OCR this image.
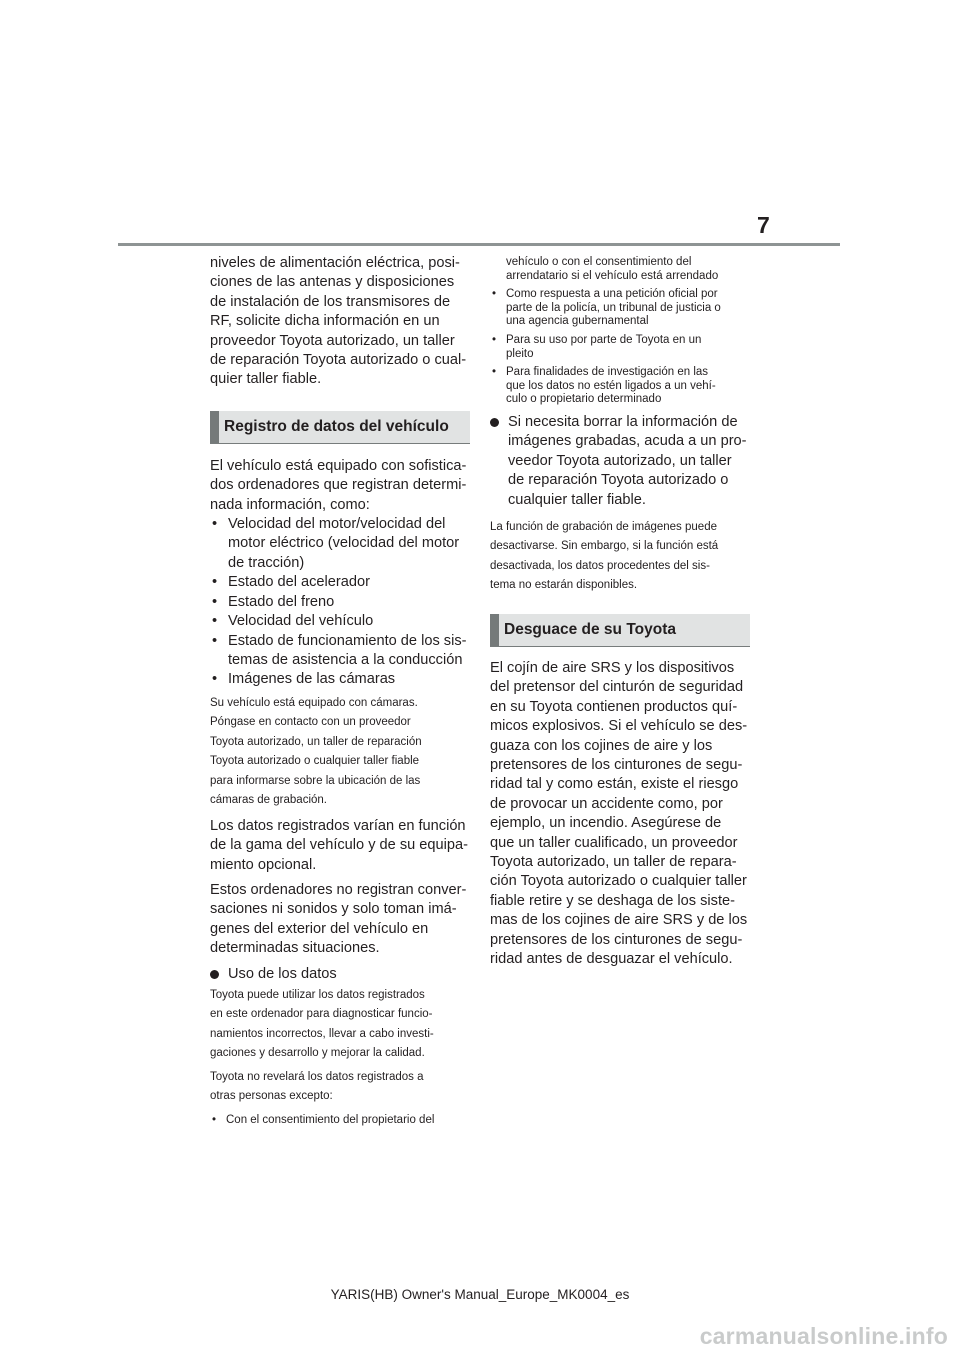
7

niveles de alimentación eléctrica, posi-
ciones de las antenas y disposiciones
de instalación de los transmisores de
RF, solicite dicha información en un
proveedor Toyota autorizado, un taller
de reparación Toyota autorizado o cual-
quier taller fiable.

Registro de datos del vehículo

El vehículo está equipado con sofistica-
dos ordenadores que registran determi-
nada información, como:

• Velocidad del motor/velocidad del
motor eléctrico (velocidad del motor
de tracción)
• Estado del acelerador
• Estado del freno
• Velocidad del vehículo
• Estado de funcionamiento de los sis-
temas de asistencia a la conducción
• Imágenes de las cámaras

Su vehículo está equipado con cámaras.
Póngase en contacto con un proveedor
Toyota autorizado, un taller de reparación
Toyota autorizado o cualquier taller fiable
para informarse sobre la ubicación de las
cámaras de grabación.

Los datos registrados varían en función
de la gama del vehículo y de su equipa-
miento opcional.

Estos ordenadores no registran conver-
saciones ni sonidos y solo toman imá-
genes del exterior del vehículo en
determinadas situaciones.

Uso de los datos

Toyota puede utilizar los datos registrados
en este ordenador para diagnosticar funcio-
namientos incorrectos, llevar a cabo investi-
gaciones y desarrollo y mejorar la calidad.

Toyota no revelará los datos registrados a
otras personas excepto:

• Con el consentimiento del propietario del

vehículo o con el consentimiento del
arrendatario si el vehículo está arrendado

• Como respuesta a una petición oficial por
parte de la policía, un tribunal de justicia o
una agencia gubernamental
• Para su uso por parte de Toyota en un
pleito
• Para finalidades de investigación en las
que los datos no estén ligados a un vehí-
culo o propietario determinado
Si necesita borrar la información de
imágenes grabadas, acuda a un pro-
veedor Toyota autorizado, un taller
de reparación Toyota autorizado o
cualquier taller fiable.

La función de grabación de imágenes puede
desactivarse. Sin embargo, si la función está
desactivada, los datos procedentes del sis-
tema no estarán disponibles.

Desguace de su Toyota

El cojín de aire SRS y los dispositivos
del pretensor del cinturón de seguridad
en su Toyota contienen productos quí-
micos explosivos. Si el vehículo se des-
guaza con los cojines de aire y los
pretensores de los cinturones de segu-
ridad tal y como están, existe el riesgo
de provocar un accidente como, por
ejemplo, un incendio. Asegúrese de
que un taller cualificado, un proveedor
Toyota autorizado, un taller de repara-
ción Toyota autorizado o cualquier taller
fiable retire y se deshaga de los siste-
mas de los cojines de aire SRS y de los
pretensores de los cinturones de segu-
ridad antes de desguazar el vehículo.

YARIS(HB) Owner's Manual_Europe_MK0004_es
carmanualsonline.info
